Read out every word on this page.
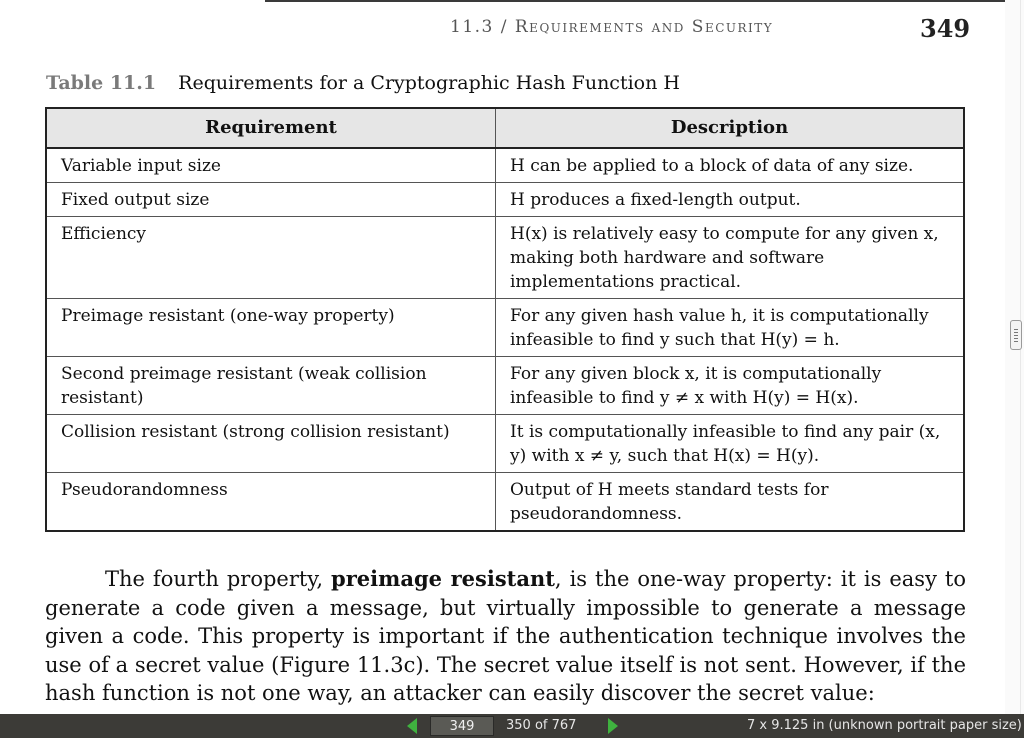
11.3 / Requirements and Security	349
Table 11.1 Requirements for a Cryptographic Hash Function H
Requirement	Description
Variable input size	H can be applied to a block of data of any size.
Fixed output size	H produces a fixed-length output.
Efficiency	H(x) is relatively easy to compute for any given x, making both hardware and software implementations practical.
Preimage resistant (one-way property)	For any given hash value h, it is computationally infeasible to find y such that H(y) = h.
Second preimage resistant (weak collision resistant)	For any given block x, it is computationally infeasible to find y ≠ x with H(y) = H(x).
Collision resistant (strong collision resistant)	It is computationally infeasible to find any pair (x, y) with x ≠ y, such that H(x) = H(y).
Pseudorandomness	Output of H meets standard tests for pseudorandomness.
The fourth property, preimage resistant, is the one-way property: it is easy to generate a code given a message, but virtually impossible to generate a message given a code. This property is important if the authentication technique involves the use of a secret value (Figure 11.3c). The secret value itself is not sent. However, if the hash function is not one way, an attacker can easily discover the secret value:
349
350 of 767	7 x 9.125 in (unknown portrait paper size)
